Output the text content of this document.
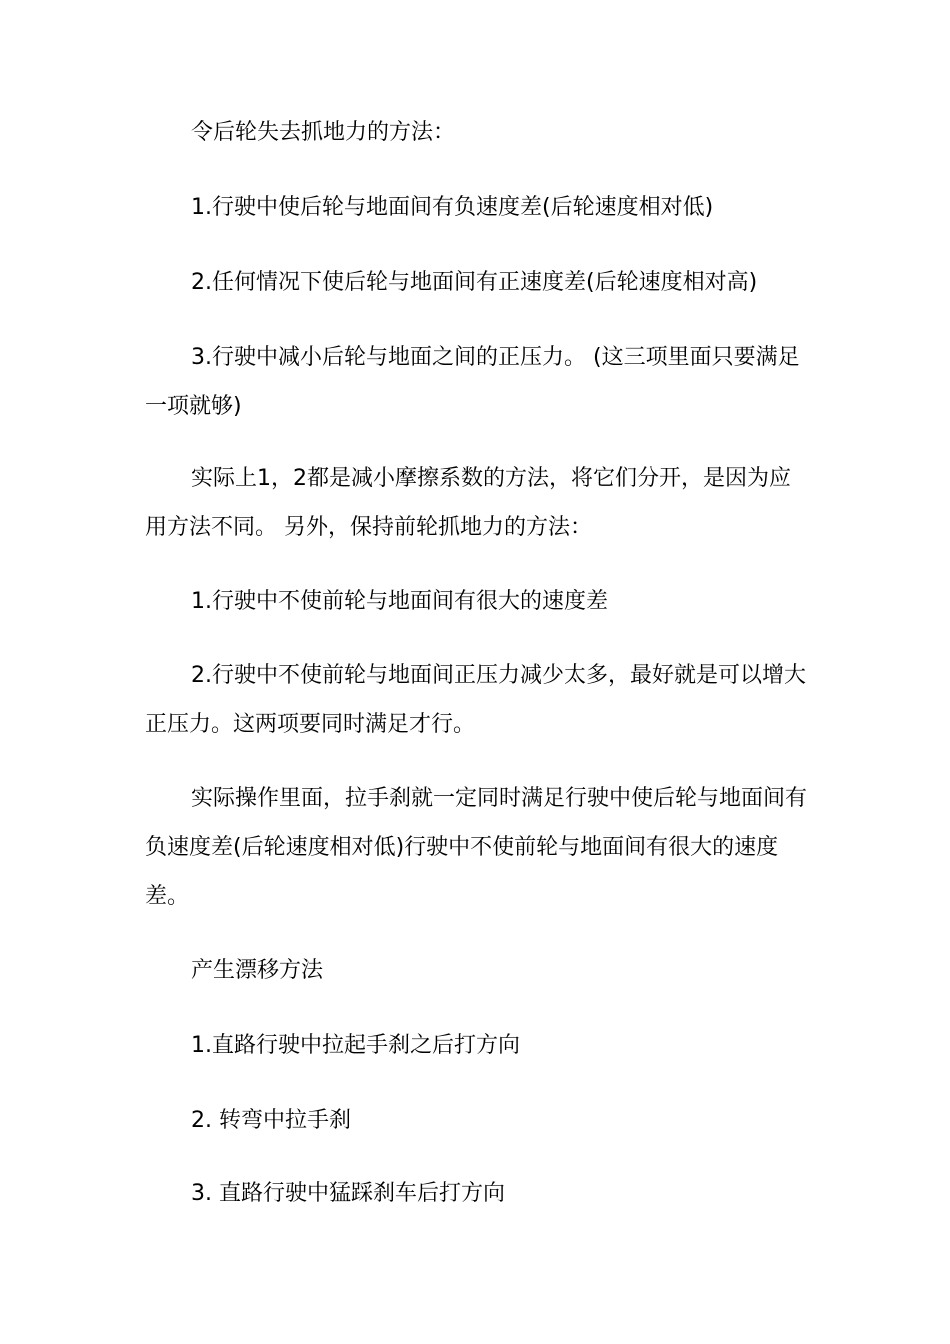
令后轮失去抓地力的方法：

1.行驶中使后轮与地面间有负速度差(后轮速度相对低)

2.任何情况下使后轮与地面间有正速度差(后轮速度相对高)

3.行驶中减小后轮与地面之间的正压力。 (这三项里面只要满足一项就够)

实际上1，2都是减小摩擦系数的方法，将它们分开，是因为应用方法不同。 另外，保持前轮抓地力的方法：

1.行驶中不使前轮与地面间有很大的速度差

2.行驶中不使前轮与地面间正压力减少太多，最好就是可以增大正压力。这两项要同时满足才行。

实际操作里面，拉手刹就一定同时满足行驶中使后轮与地面间有负速度差(后轮速度相对低)行驶中不使前轮与地面间有很大的速度差。

产生漂移方法

1.直路行驶中拉起手刹之后打方向

2. 转弯中拉手刹

3. 直路行驶中猛踩刹车后打方向
